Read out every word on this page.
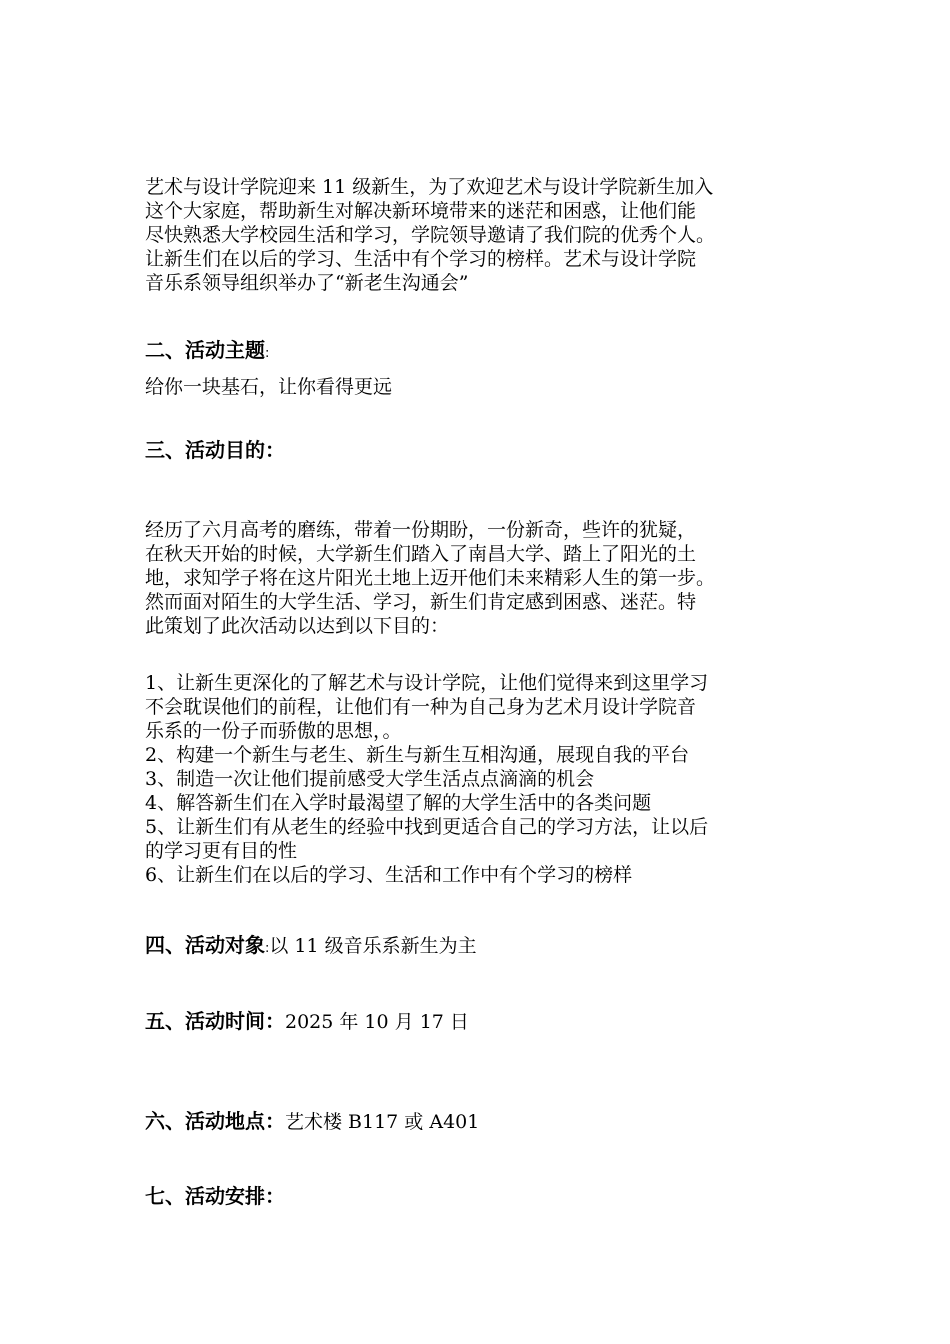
艺术与设计学院迎来 11 级新生，为了欢迎艺术与设计学院新生加入

这个大家庭，帮助新生对解决新环境带来的迷茫和困惑，让他们能

尽快熟悉大学校园生活和学习，学院领导邀请了我们院的优秀个人。

让新生们在以后的学习、生活中有个学习的榜样。艺术与设计学院

音乐系领导组织举办了“新老生沟通会”

二、活动主题:

给你一块基石，让你看得更远

三、活动目的：

经历了六月高考的磨练，带着一份期盼，一份新奇，些许的犹疑，

在秋天开始的时候，大学新生们踏入了南昌大学、踏上了阳光的土

地，求知学子将在这片阳光土地上迈开他们未来精彩人生的第一步。

然而面对陌生的大学生活、学习，新生们肯定感到困惑、迷茫。特

此策划了此次活动以达到以下目的：

1、让新生更深化的了解艺术与设计学院，让他们觉得来到这里学习

不会耽误他们的前程，让他们有一种为自己身为艺术月设计学院音

乐系的一份子而骄傲的思想，。

2、构建一个新生与老生、新生与新生互相沟通，展现自我的平台

3、制造一次让他们提前感受大学生活点点滴滴的机会

4、解答新生们在入学时最渴望了解的大学生活中的各类问题

5、让新生们有从老生的经验中找到更适合自己的学习方法，让以后

的学习更有目的性

6、让新生们在以后的学习、生活和工作中有个学习的榜样

四、活动对象:以 11 级音乐系新生为主
五、活动时间：2025 年 10 月 17 日
六、活动地点：艺术楼 B117 或 A401
七、活动安排：
